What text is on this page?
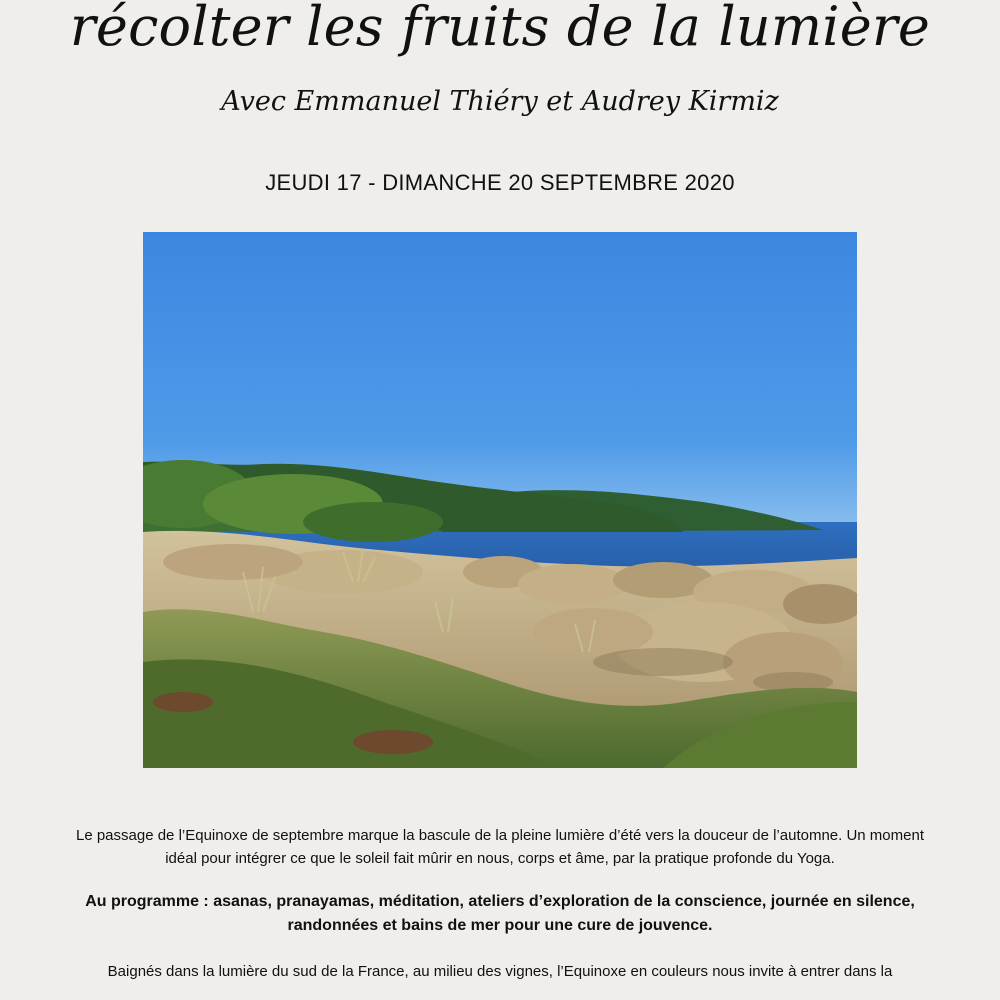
récolter les fruits de la lumière
Avec Emmanuel Thiéry et Audrey Kirmiz
JEUDI 17 - DIMANCHE 20 SEPTEMBRE 2020

Le passage de l’Equinoxe de septembre marque la bascule de la pleine lumière d’été vers la douceur de l’automne. Un moment idéal pour intégrer ce que le soleil fait mûrir en nous, corps et âme, par la pratique profonde du Yoga.

Au programme : asanas, pranayamas, méditation, ateliers d’exploration de la conscience, journée en silence, randonnées et bains de mer pour une cure de jouvence.

Baignés dans la lumière du sud de la France, au milieu des vignes, l’Equinoxe en couleurs nous invite à entrer dans la
